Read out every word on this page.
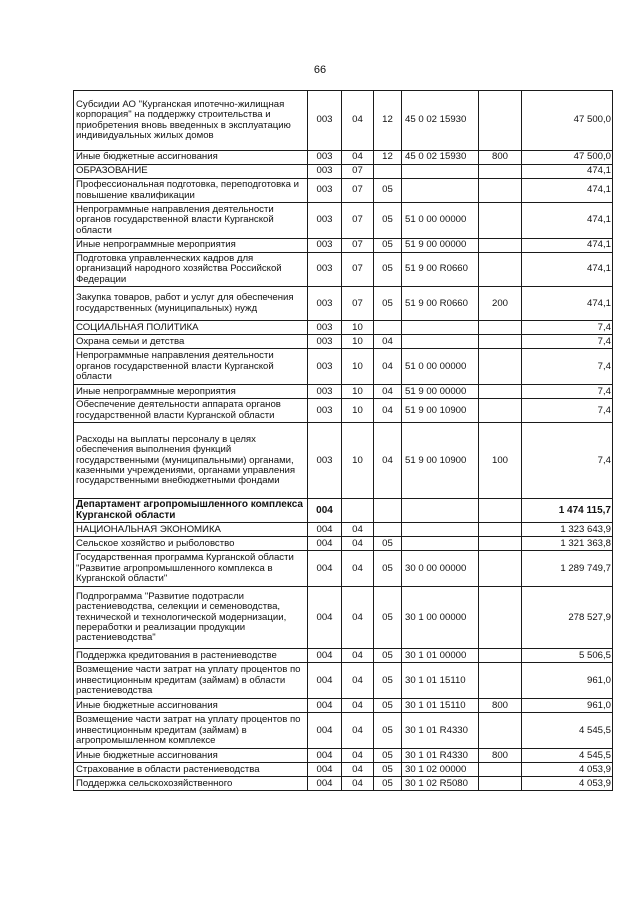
66
Субсидии АО "Курганская ипотечно-жилищная корпорация" на поддержку строительства и приобретения вновь введенных в эксплуатацию индивидуальных жилых домов	003	04	12	45 0 02 15930		47 500,0
Иные бюджетные ассигнования	003	04	12	45 0 02 15930	800	47 500,0
ОБРАЗОВАНИЕ	003	07				474,1
Профессиональная подготовка, переподготовка и повышение квалификации	003	07	05			474,1
Непрограммные направления деятельности органов государственной власти Курганской области	003	07	05	51 0 00 00000		474,1
Иные непрограммные мероприятия	003	07	05	51 9 00 00000		474,1
Подготовка управленческих кадров для организаций народного хозяйства Российской Федерации	003	07	05	51 9 00 R0660		474,1
Закупка товаров, работ и услуг для обеспечения государственных (муниципальных) нужд	003	07	05	51 9 00 R0660	200	474,1
СОЦИАЛЬНАЯ ПОЛИТИКА	003	10				7,4
Охрана семьи и детства	003	10	04			7,4
Непрограммные направления деятельности органов государственной власти Курганской области	003	10	04	51 0 00 00000		7,4
Иные непрограммные мероприятия	003	10	04	51 9 00 00000		7,4
Обеспечение деятельности аппарата органов государственной власти Курганской области	003	10	04	51 9 00 10900		7,4
Расходы на выплаты персоналу в целях обеспечения выполнения функций государственными (муниципальными) органами, казенными учреждениями, органами управления государственными внебюджетными фондами	003	10	04	51 9 00 10900	100	7,4
Департамент агропромышленного комплекса Курганской области	004					1 474 115,7
НАЦИОНАЛЬНАЯ ЭКОНОМИКА	004	04				1 323 643,9
Сельское хозяйство и рыболовство	004	04	05			1 321 363,8
Государственная программа Курганской области "Развитие агропромышленного комплекса в Курганской области"	004	04	05	30 0 00 00000		1 289 749,7
Подпрограмма "Развитие подотрасли растениеводства, селекции и семеноводства, технической и технологической модернизации, переработки и реализации продукции растениеводства"	004	04	05	30 1 00 00000		278 527,9
Поддержка кредитования в растениеводстве	004	04	05	30 1 01 00000		5 506,5
Возмещение части затрат на уплату процентов по инвестиционным кредитам (займам) в области растениеводства	004	04	05	30 1 01 15110		961,0
Иные бюджетные ассигнования	004	04	05	30 1 01 15110	800	961,0
Возмещение части затрат на уплату процентов по инвестиционным кредитам (займам) в агропромышленном комплексе	004	04	05	30 1 01 R4330		4 545,5
Иные бюджетные ассигнования	004	04	05	30 1 01 R4330	800	4 545,5
Страхование в области растениеводства	004	04	05	30 1 02 00000		4 053,9
Поддержка сельскохозяйственного	004	04	05	30 1 02 R5080		4 053,9
